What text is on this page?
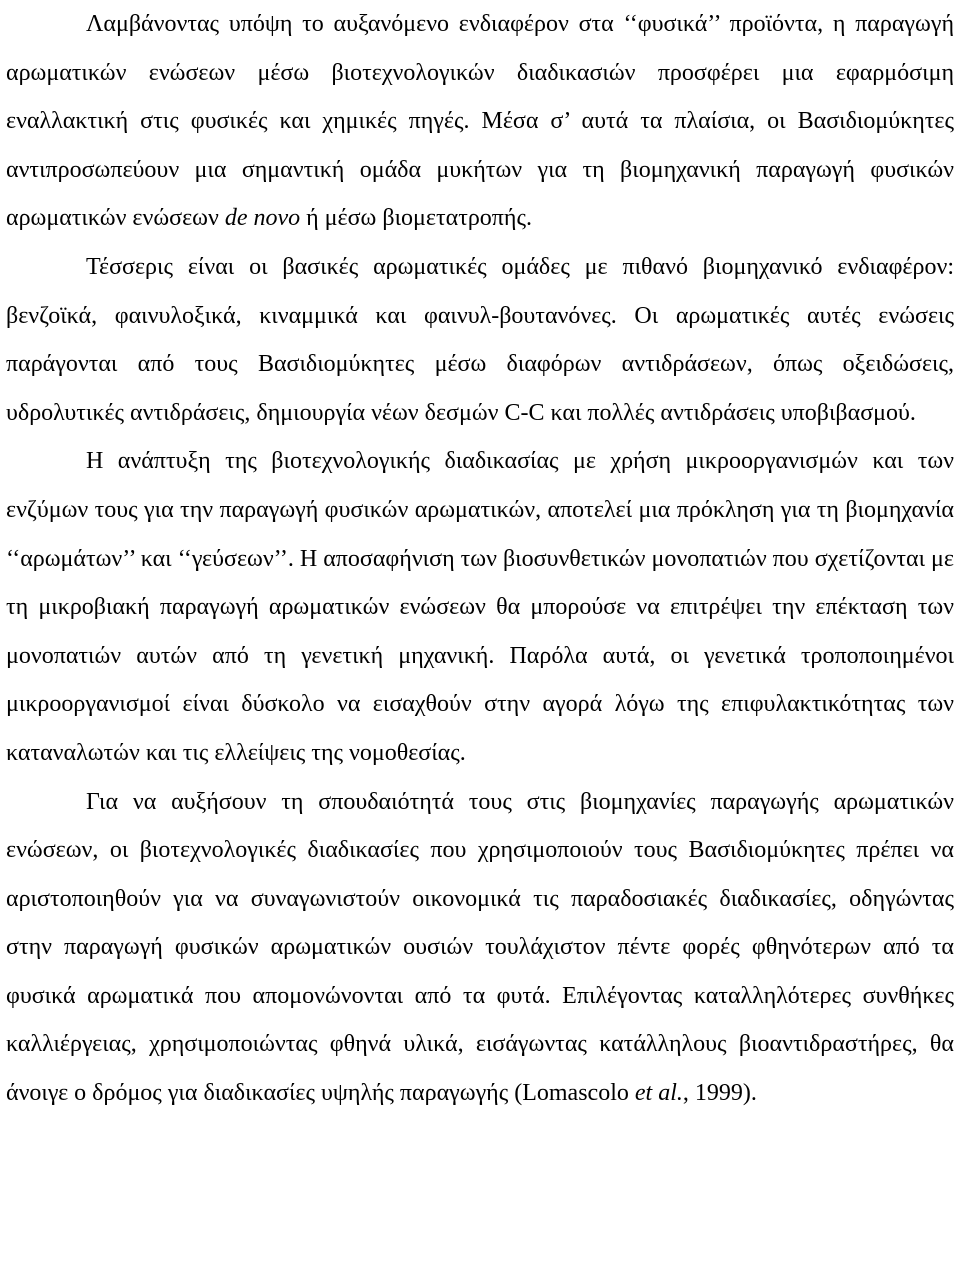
Λαμβάνοντας υπόψη το αυξανόμενο ενδιαφέρον στα ‘‘φυσικά’’ προϊόντα, η παραγωγή αρωματικών ενώσεων μέσω βιοτεχνολογικών διαδικασιών προσφέρει μια εφαρμόσιμη εναλλακτική στις φυσικές και χημικές πηγές. Μέσα σ’ αυτά τα πλαίσια, οι Βασιδιομύκητες αντιπροσωπεύουν μια σημαντική ομάδα μυκήτων για τη βιομηχανική παραγωγή φυσικών αρωματικών ενώσεων de novo ή μέσω βιομετατροπής.

Τέσσερις είναι οι βασικές αρωματικές ομάδες με πιθανό βιομηχανικό ενδιαφέρον: βενζοϊκά, φαινυλοξικά, κιναμμικά και φαινυλ-βουτανόνες. Οι αρωματικές αυτές ενώσεις παράγονται από τους Βασιδιομύκητες μέσω διαφόρων αντιδράσεων, όπως οξειδώσεις, υδρολυτικές αντιδράσεις, δημιουργία νέων δεσμών C-C και πολλές αντιδράσεις υποβιβασμού.

Η ανάπτυξη της βιοτεχνολογικής διαδικασίας με χρήση μικροοργανισμών και των ενζύμων τους για την παραγωγή φυσικών αρωματικών, αποτελεί μια πρόκληση για τη βιομηχανία ‘‘αρωμάτων’’ και ‘‘γεύσεων’’. Η αποσαφήνιση των βιοσυνθετικών μονοπατιών που σχετίζονται με τη μικροβιακή παραγωγή αρωματικών ενώσεων θα μπορούσε να επιτρέψει την επέκταση των μονοπατιών αυτών από τη γενετική μηχανική. Παρόλα αυτά, οι γενετικά τροποποιημένοι μικροοργανισμοί είναι δύσκολο να εισαχθούν στην αγορά λόγω της επιφυλακτικότητας των καταναλωτών και τις ελλείψεις της νομοθεσίας.

Για να αυξήσουν τη σπουδαιότητά τους στις βιομηχανίες παραγωγής αρωματικών ενώσεων, οι βιοτεχνολογικές διαδικασίες που χρησιμοποιούν τους Βασιδιομύκητες πρέπει να αριστοποιηθούν για να συναγωνιστούν οικονομικά τις παραδοσιακές διαδικασίες, οδηγώντας στην παραγωγή φυσικών αρωματικών ουσιών τουλάχιστον πέντε φορές φθηνότερων από τα φυσικά αρωματικά που απομονώνονται από τα φυτά. Επιλέγοντας καταλληλότερες συνθήκες καλλιέργειας, χρησιμοποιώντας φθηνά υλικά, εισάγωντας κατάλληλους βιοαντιδραστήρες, θα άνοιγε ο δρόμος για διαδικασίες υψηλής παραγωγής (Lomascolo et al., 1999).
